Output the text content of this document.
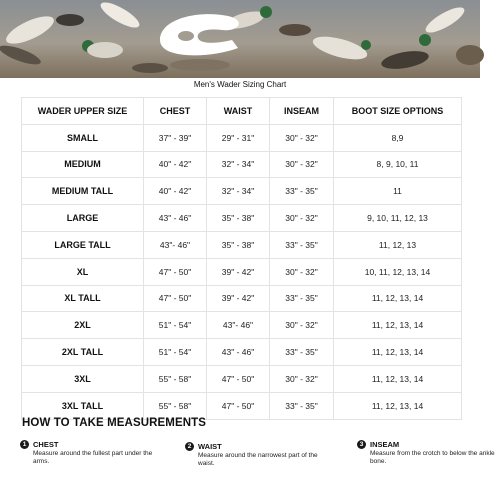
Men's Wader Sizing Chart
WADER UPPER SIZE	CHEST	WAIST	INSEAM	BOOT SIZE OPTIONS
SMALL	37" - 39"	29" - 31"	30" - 32"	8,9
MEDIUM	40" - 42"	32" - 34"	30" - 32"	8, 9, 10, 11
MEDIUM TALL	40" - 42"	32" - 34"	33" - 35"	11
LARGE	43" - 46"	35" - 38"	30" - 32"	9, 10, 11, 12, 13
LARGE TALL	43"- 46"	35" - 38"	33" - 35"	11, 12, 13
XL	47" - 50"	39" - 42"	30" - 32"	10, 11, 12, 13, 14
XL TALL	47" - 50"	39" - 42"	33" - 35"	11, 12, 13, 14
2XL	51" - 54"	43"- 46"	30" - 32"	11, 12, 13, 14
2XL TALL	51" - 54"	43" - 46"	33" - 35"	11, 12, 13, 14
3XL	55" - 58"	47" - 50"	30" - 32"	11, 12, 13, 14
3XL TALL	55" - 58"	47" - 50"	33" - 35"	11, 12, 13, 14
HOW TO TAKE MEASUREMENTS
1 CHEST
Measure around the fullest part under the arms.
2 WAIST
Measure around the narrowest part of the waist.
3 INSEAM
Measure from the crotch to below the ankle bone.
